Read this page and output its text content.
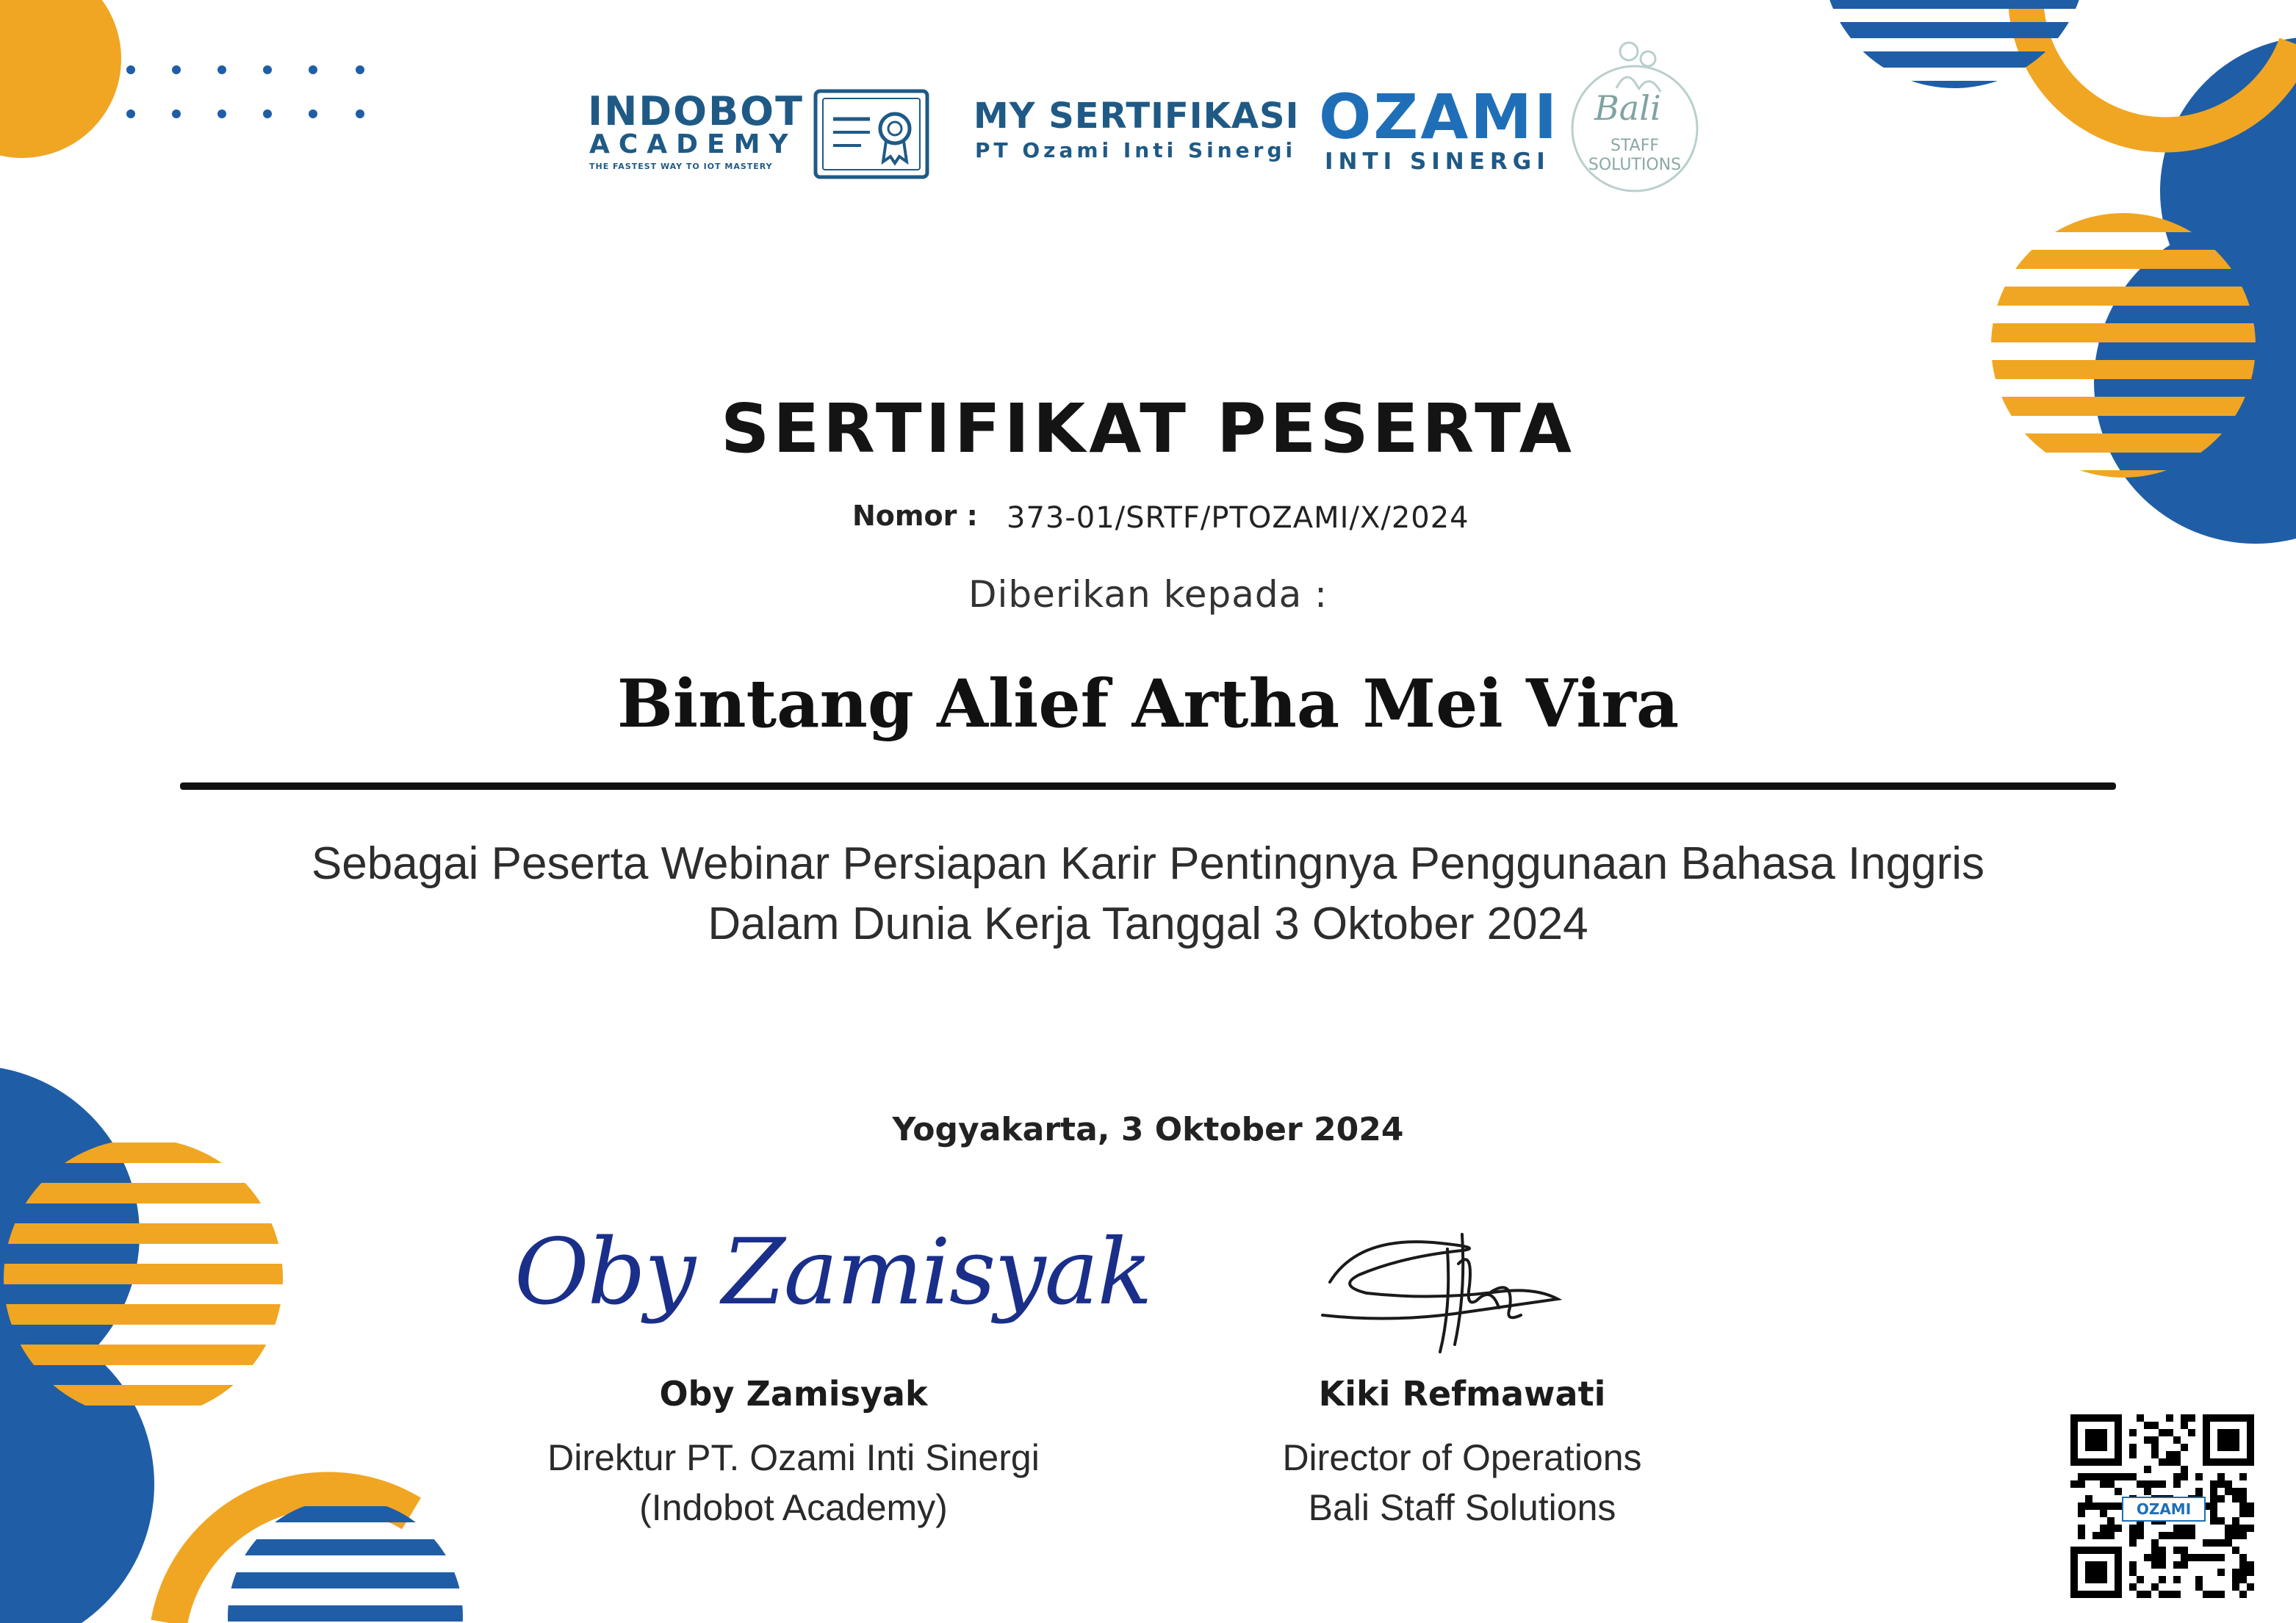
INDOBOT
ACADEMY
THE FASTEST WAY TO IOT MASTERY
MY SERTIFIKASI
PT Ozami Inti Sinergi OZAMI
INTI SINERGI
Bali
STAFF SOLUTIONS
SERTIFIKAT PESERTA
Nomor : 373-01/SRTF/PTOZAMI/X/2024
Diberikan kepada :
Bintang Alief Artha Mei Vira
Sebagai Peserta Webinar Persiapan Karir Pentingnya Penggunaan Bahasa Inggris
Dalam Dunia Kerja Tanggal 3 Oktober 2024
Yogyakarta, 3 Oktober 2024
Oby Zamisyak
Oby Zamisyak
Direktur PT. Ozami Inti Sinergi
(Indobot Academy)
Kiki Refmawati
Director of Operations
Bali Staff Solutions	OZAMI
